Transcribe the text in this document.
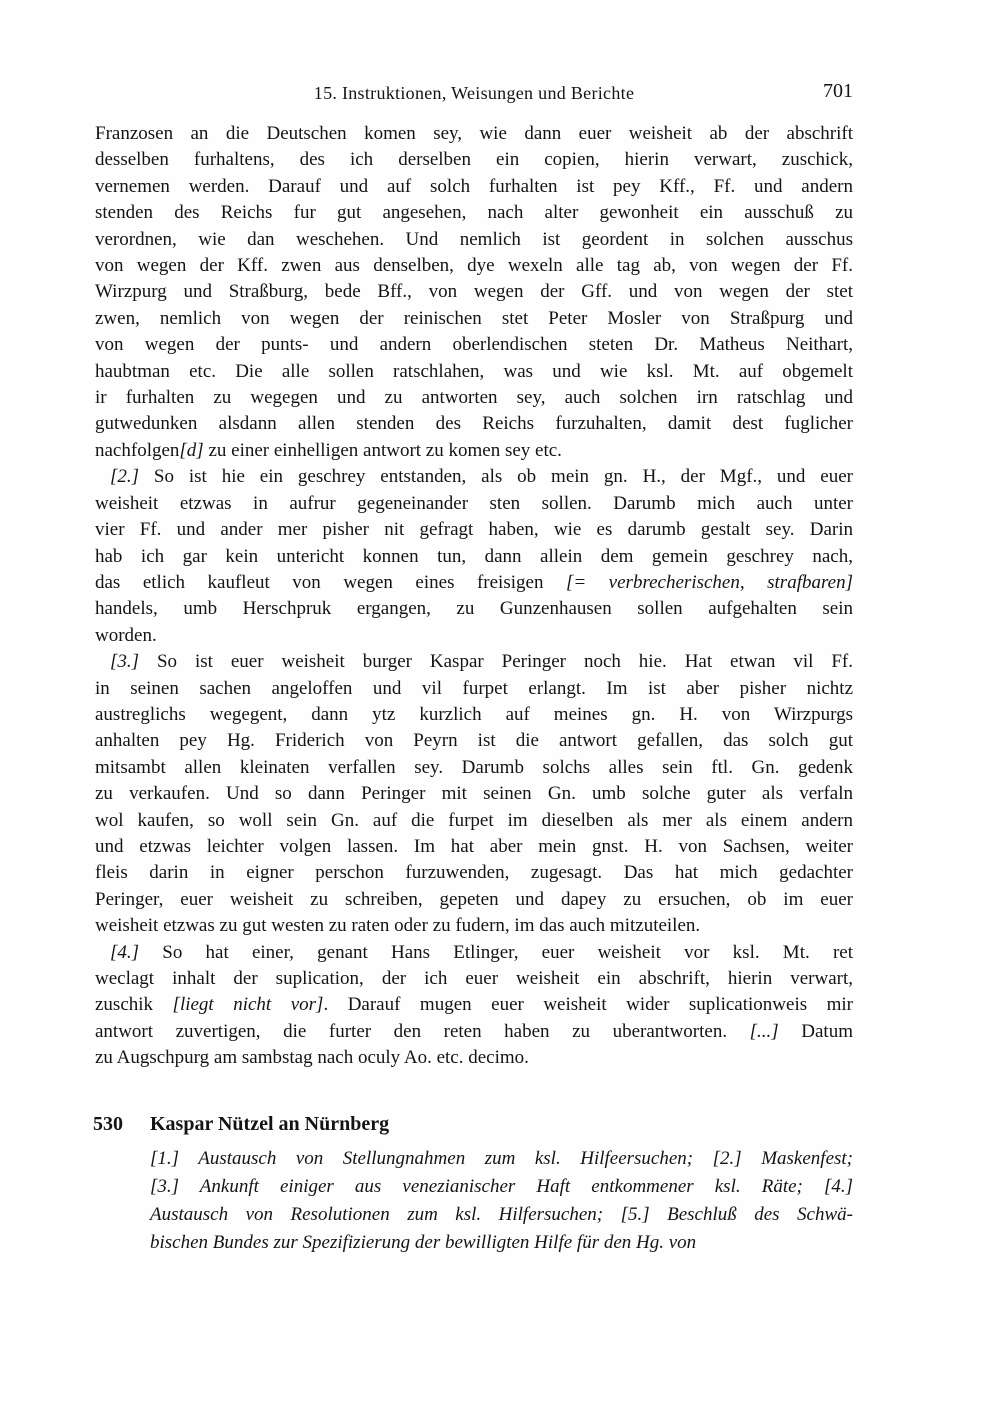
15. Instruktionen, Weisungen und Berichte	701
Franzosen an die Deutschen komen sey, wie dann euer weisheit ab der abschrift
desselben furhaltens, des ich derselben ein copien, hierin verwart, zuschick,
vernemen werden. Darauf und auf solch furhalten ist pey Kff., Ff. und andern
stenden des Reichs fur gut angesehen, nach alter gewonheit ein ausschuß zu
verordnen, wie dan weschehen. Und nemlich ist geordent in solchen ausschus
von wegen der Kff. zwen aus denselben, dye wexeln alle tag ab, von wegen der Ff.
Wirzpurg und Straßburg, bede Bff., von wegen der Gff. und von wegen der stet
zwen, nemlich von wegen der reinischen stet Peter Mosler von Straßpurg und
von wegen der punts- und andern oberlendischen steten Dr. Matheus Neithart,
haubtman etc. Die alle sollen ratschlahen, was und wie ksl. Mt. auf obgemelt
ir furhalten zu wegegen und zu antworten sey, auch solchen irn ratschlag und
gutwedunken alsdann allen stenden des Reichs furzuhalten, damit dest fuglicher
nachfolgen[d] zu einer einhelligen antwort zu komen sey etc.
[2.] So ist hie ein geschrey entstanden, als ob mein gn. H., der Mgf., und euer
weisheit etzwas in aufrur gegeneinander sten sollen. Darumb mich auch unter
vier Ff. und ander mer pisher nit gefragt haben, wie es darumb gestalt sey. Darin
hab ich gar kein untericht konnen tun, dann allein dem gemein geschrey nach,
das etlich kaufleut von wegen eines freisigen [= verbrecherischen, strafbaren]
handels, umb Herschpruk ergangen, zu Gunzenhausen sollen aufgehalten sein
worden.
[3.] So ist euer weisheit burger Kaspar Peringer noch hie. Hat etwan vil Ff.
in seinen sachen angeloffen und vil furpet erlangt. Im ist aber pisher nichtz
austreglichs wegegent, dann ytz kurzlich auf meines gn. H. von Wirzpurgs
anhalten pey Hg. Friderich von Peyrn ist die antwort gefallen, das solch gut
mitsambt allen kleinaten verfallen sey. Darumb solchs alles sein ftl. Gn. gedenk
zu verkaufen. Und so dann Peringer mit seinen Gn. umb solche guter als verfaln
wol kaufen, so woll sein Gn. auf die furpet im dieselben als mer als einem andern
und etzwas leichter volgen lassen. Im hat aber mein gnst. H. von Sachsen, weiter
fleis darin in eigner perschon furzuwenden, zugesagt. Das hat mich gedachter
Peringer, euer weisheit zu schreiben, gepeten und dapey zu ersuchen, ob im euer
weisheit etzwas zu gut westen zu raten oder zu fudern, im das auch mitzuteilen.
[4.] So hat einer, genant Hans Etlinger, euer weisheit vor ksl. Mt. ret
weclagt inhalt der suplication, der ich euer weisheit ein abschrift, hierin verwart,
zuschik [liegt nicht vor]. Darauf mugen euer weisheit wider suplicationweis mir
antwort zuvertigen, die furter den reten haben zu uberantworten. [...] Datum
zu Augschpurg am sambstag nach oculy Ao. etc. decimo.
530	Kaspar Nützel an Nürnberg
[1.] Austausch von Stellungnahmen zum ksl. Hilfeersuchen; [2.] Maskenfest;
[3.] Ankunft einiger aus venezianischer Haft entkommener ksl. Räte; [4.]
Austausch von Resolutionen zum ksl. Hilfersuchen; [5.] Beschluß des Schwä-
bischen Bundes zur Spezifizierung der bewilligten Hilfe für den Hg. von
